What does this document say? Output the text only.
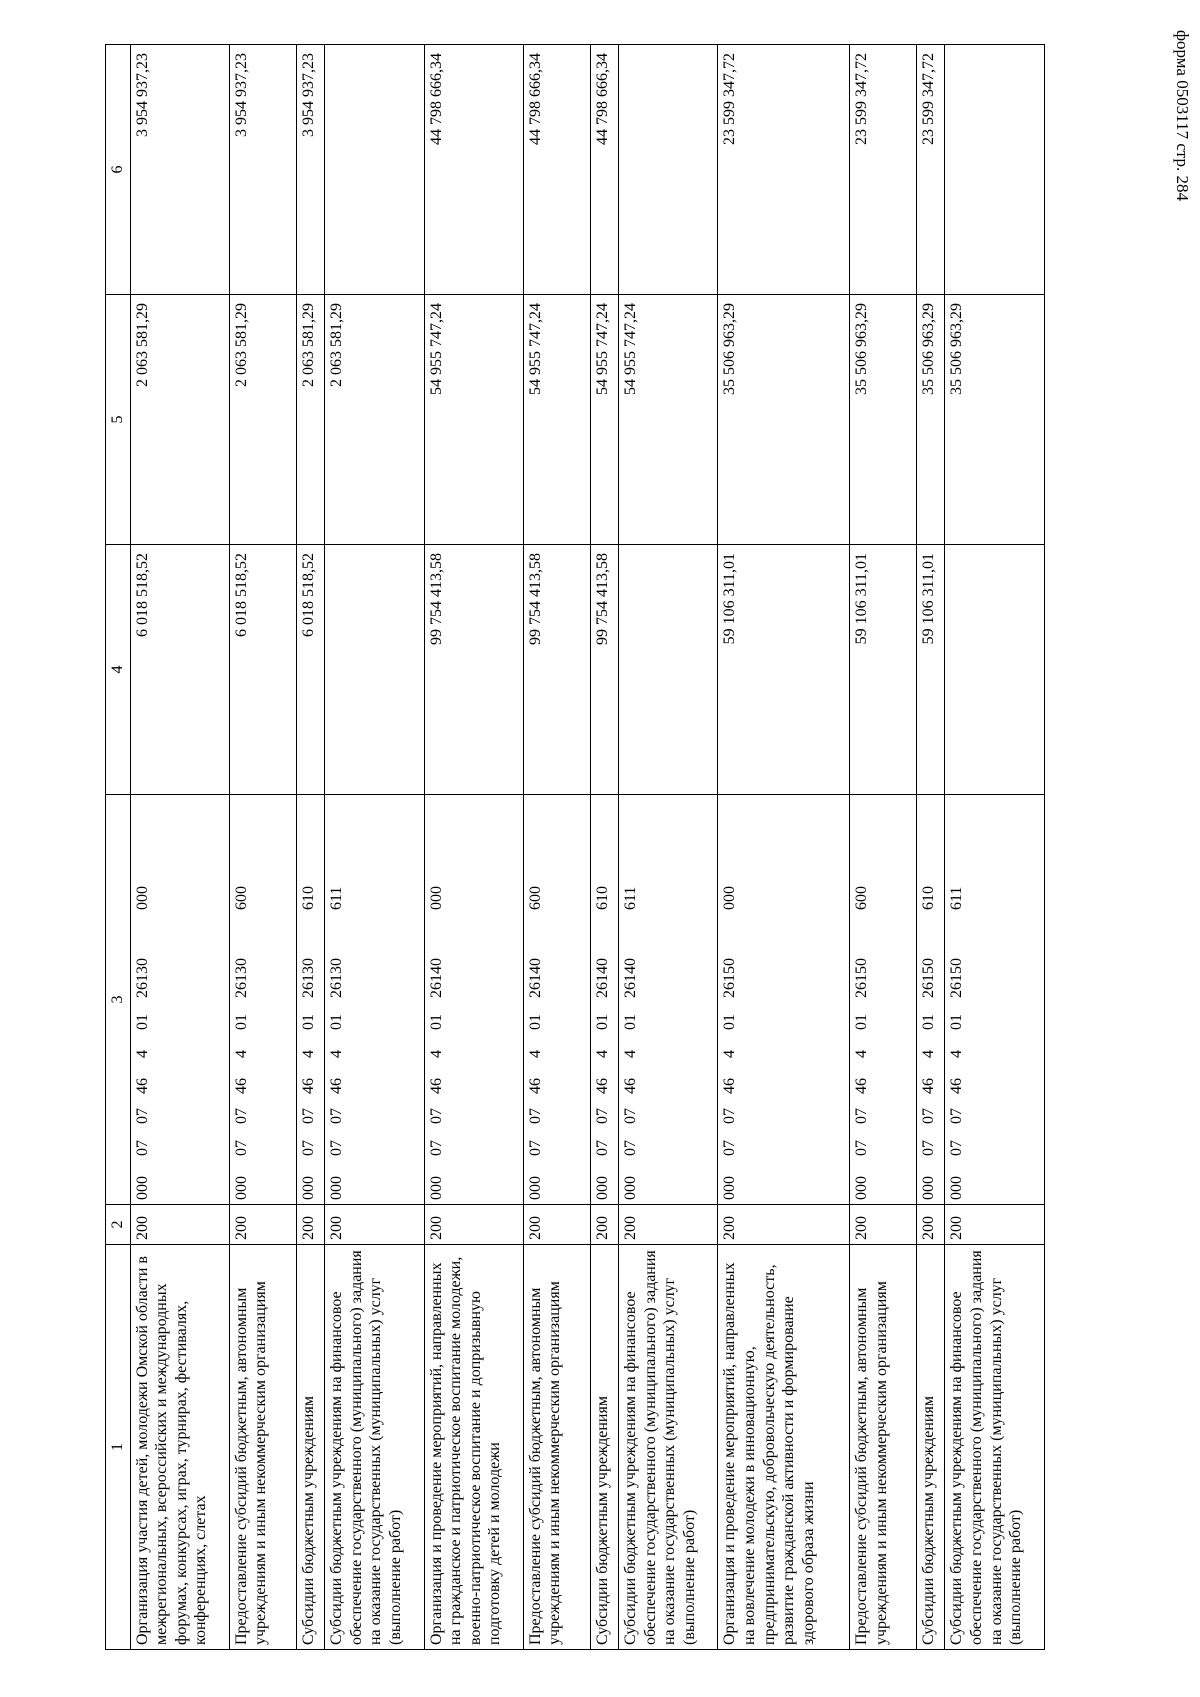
форма 0503117 стр. 284
1	2	3	4	5	6
Организация участия детей, молодежи Омской области в межрегиональных, всероссийских и международных форумах, конкурсах, играх, турнирах, фестивалях, конференциях, слетах	200	00007074640126130000	6 018 518,52	2 063 581,29	3 954 937,23
Предоставление субсидий бюджетным, автономным учреждениям и иным некоммерческим организациям	200	00007074640126130600	6 018 518,52	2 063 581,29	3 954 937,23
Субсидии бюджетным учреждениям	200	00007074640126130610	6 018 518,52	2 063 581,29	3 954 937,23
Субсидии бюджетным учреждениям на финансовое обеспечение государственного (муниципального) задания на оказание государственных (муниципальных) услуг (выполнение работ)	200	00007074640126130611		2 063 581,29	
Организация и проведение мероприятий, направленных на гражданское и патриотическое воспитание молодежи, военно-патриотическое воспитание и допризывную подготовку детей и молодежи	200	00007074640126140000	99 754 413,58	54 955 747,24	44 798 666,34
Предоставление субсидий бюджетным, автономным учреждениям и иным некоммерческим организациям	200	00007074640126140600	99 754 413,58	54 955 747,24	44 798 666,34
Субсидии бюджетным учреждениям	200	00007074640126140610	99 754 413,58	54 955 747,24	44 798 666,34
Субсидии бюджетным учреждениям на финансовое обеспечение государственного (муниципального) задания на оказание государственных (муниципальных) услуг (выполнение работ)	200	00007074640126140611		54 955 747,24	
Организация и проведение мероприятий, направленных на вовлечение молодежи в инновационную, предпринимательскую, добровольческую деятельность, развитие гражданской активности и формирование здорового образа жизни	200	00007074640126150000	59 106 311,01	35 506 963,29	23 599 347,72
Предоставление субсидий бюджетным, автономным учреждениям и иным некоммерческим организациям	200	00007074640126150600	59 106 311,01	35 506 963,29	23 599 347,72
Субсидии бюджетным учреждениям	200	00007074640126150610	59 106 311,01	35 506 963,29	23 599 347,72
Субсидии бюджетным учреждениям на финансовое обеспечение государственного (муниципального) задания на оказание государственных (муниципальных) услуг (выполнение работ)	200	00007074640126150611		35 506 963,29	
